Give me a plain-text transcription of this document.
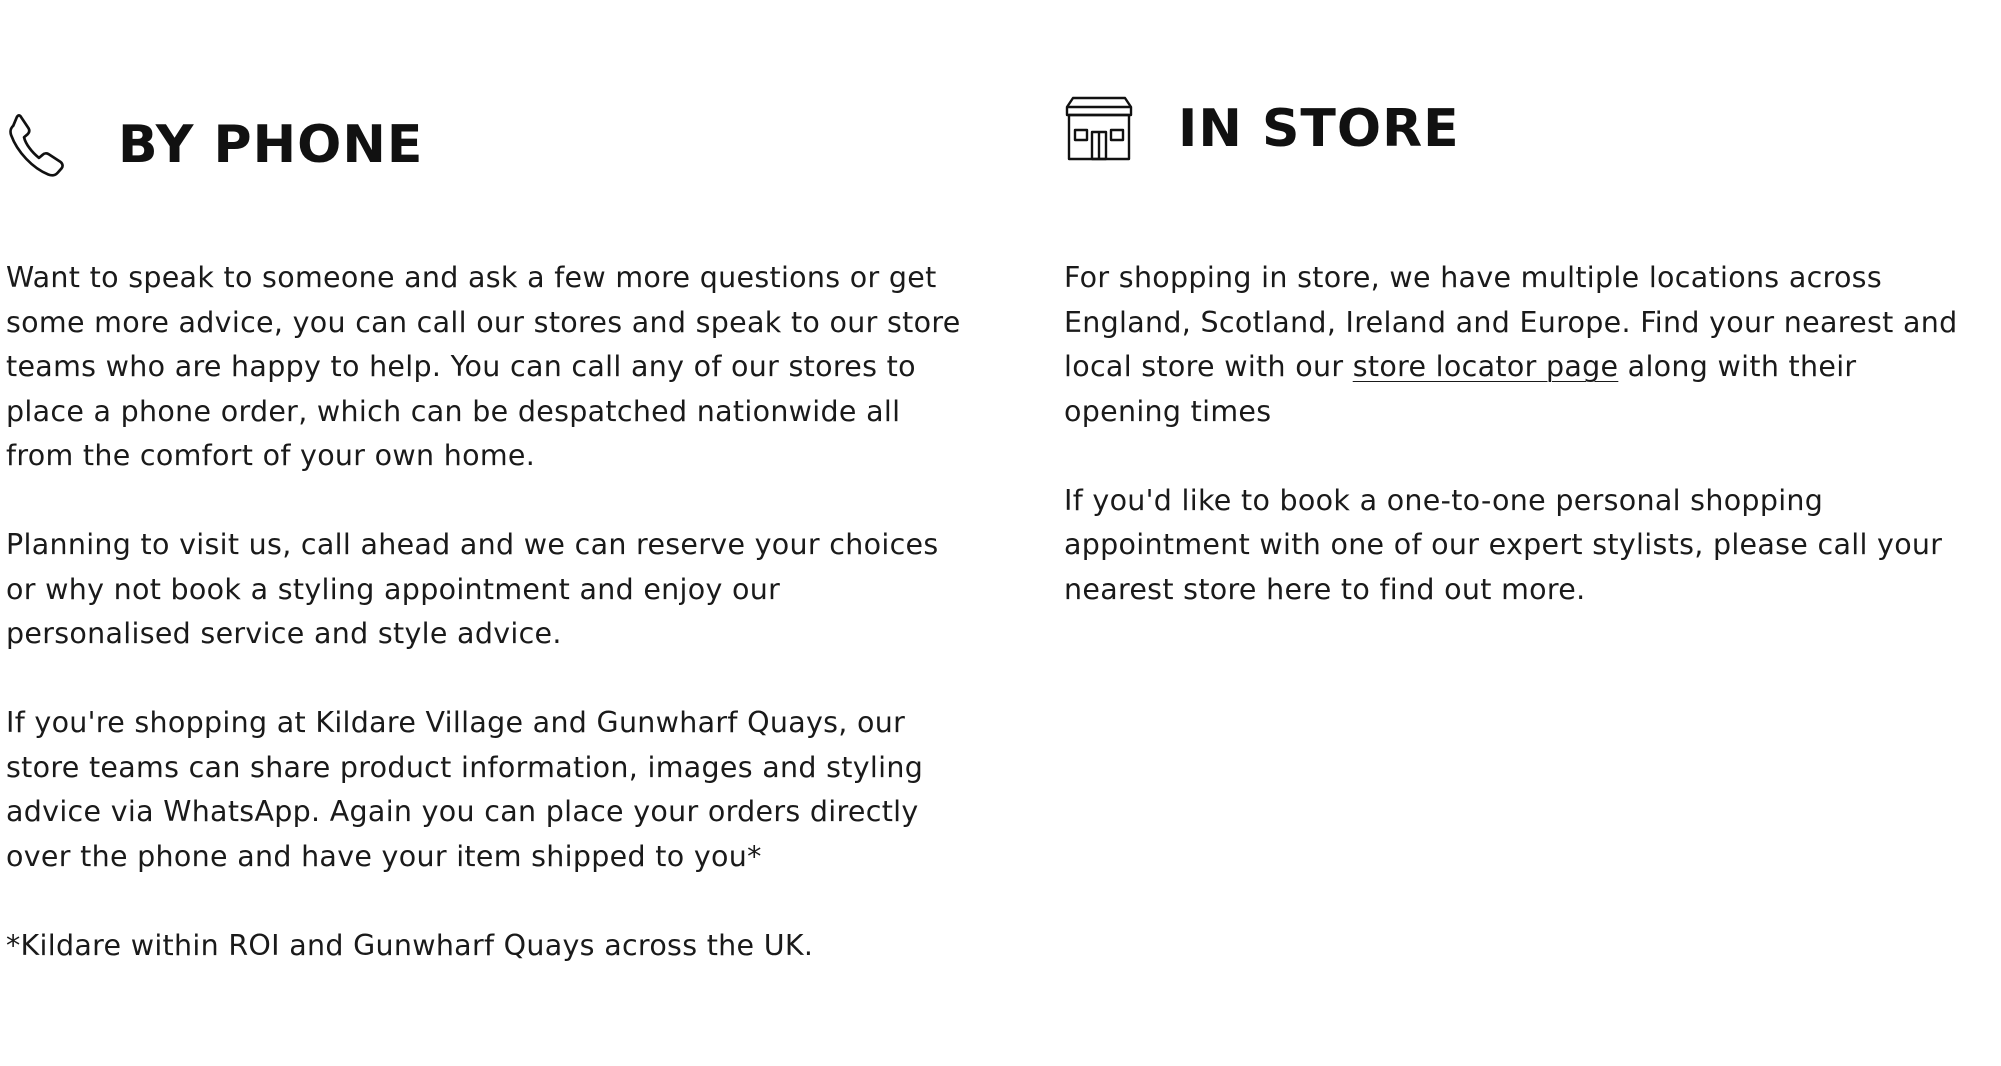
BY PHONE

Want to speak to someone and ask a few more questions or get some more advice, you can call our stores and speak to our store teams who are happy to help. You can call any of our stores to place a phone order, which can be despatched nationwide all from the comfort of your own home.

Planning to visit us, call ahead and we can reserve your choices or why not book a styling appointment and enjoy our personalised service and style advice.

If you're shopping at Kildare Village and Gunwharf Quays, our store teams can share product information, images and styling advice via WhatsApp. Again you can place your orders directly over the phone and have your item shipped to you*

*Kildare within ROI and Gunwharf Quays across the UK.

IN STORE

For shopping in store, we have multiple locations across England, Scotland, Ireland and Europe. Find your nearest and local store with our store locator page along with their opening times

If you'd like to book a one-to-one personal shopping appointment with one of our expert stylists, please call your nearest store here to find out more.
